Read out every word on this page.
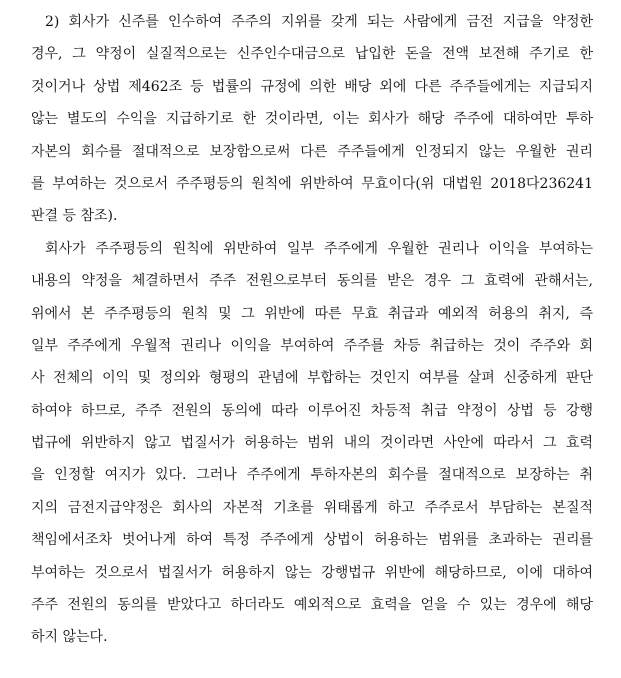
2) 회사가 신주를 인수하여 주주의 지위를 갖게 되는 사람에게 금전 지급을 약정한
경우, 그 약정이 실질적으로는 신주인수대금으로 납입한 돈을 전액 보전해 주기로 한
것이거나 상법 제462조 등 법률의 규정에 의한 배당 외에 다른 주주들에게는 지급되지
않는 별도의 수익을 지급하기로 한 것이라면, 이는 회사가 해당 주주에 대하여만 투하
자본의 회수를 절대적으로 보장함으로써 다른 주주들에게 인정되지 않는 우월한 권리
를 부여하는 것으로서 주주평등의 원칙에 위반하여 무효이다(위 대법원 2018다236241
판결 등 참조).
회사가 주주평등의 원칙에 위반하여 일부 주주에게 우월한 권리나 이익을 부여하는
내용의 약정을 체결하면서 주주 전원으로부터 동의를 받은 경우 그 효력에 관해서는,
위에서 본 주주평등의 원칙 및 그 위반에 따른 무효 취급과 예외적 허용의 취지, 즉
일부 주주에게 우월적 권리나 이익을 부여하여 주주를 차등 취급하는 것이 주주와 회
사 전체의 이익 및 정의와 형평의 관념에 부합하는 것인지 여부를 살펴 신중하게 판단
하여야 하므로, 주주 전원의 동의에 따라 이루어진 차등적 취급 약정이 상법 등 강행
법규에 위반하지 않고 법질서가 허용하는 범위 내의 것이라면 사안에 따라서 그 효력
을 인정할 여지가 있다. 그러나 주주에게 투하자본의 회수를 절대적으로 보장하는 취
지의 금전지급약정은 회사의 자본적 기초를 위태롭게 하고 주주로서 부담하는 본질적
책임에서조차 벗어나게 하여 특정 주주에게 상법이 허용하는 범위를 초과하는 권리를
부여하는 것으로서 법질서가 허용하지 않는 강행법규 위반에 해당하므로, 이에 대하여
주주 전원의 동의를 받았다고 하더라도 예외적으로 효력을 얻을 수 있는 경우에 해당
하지 않는다.
